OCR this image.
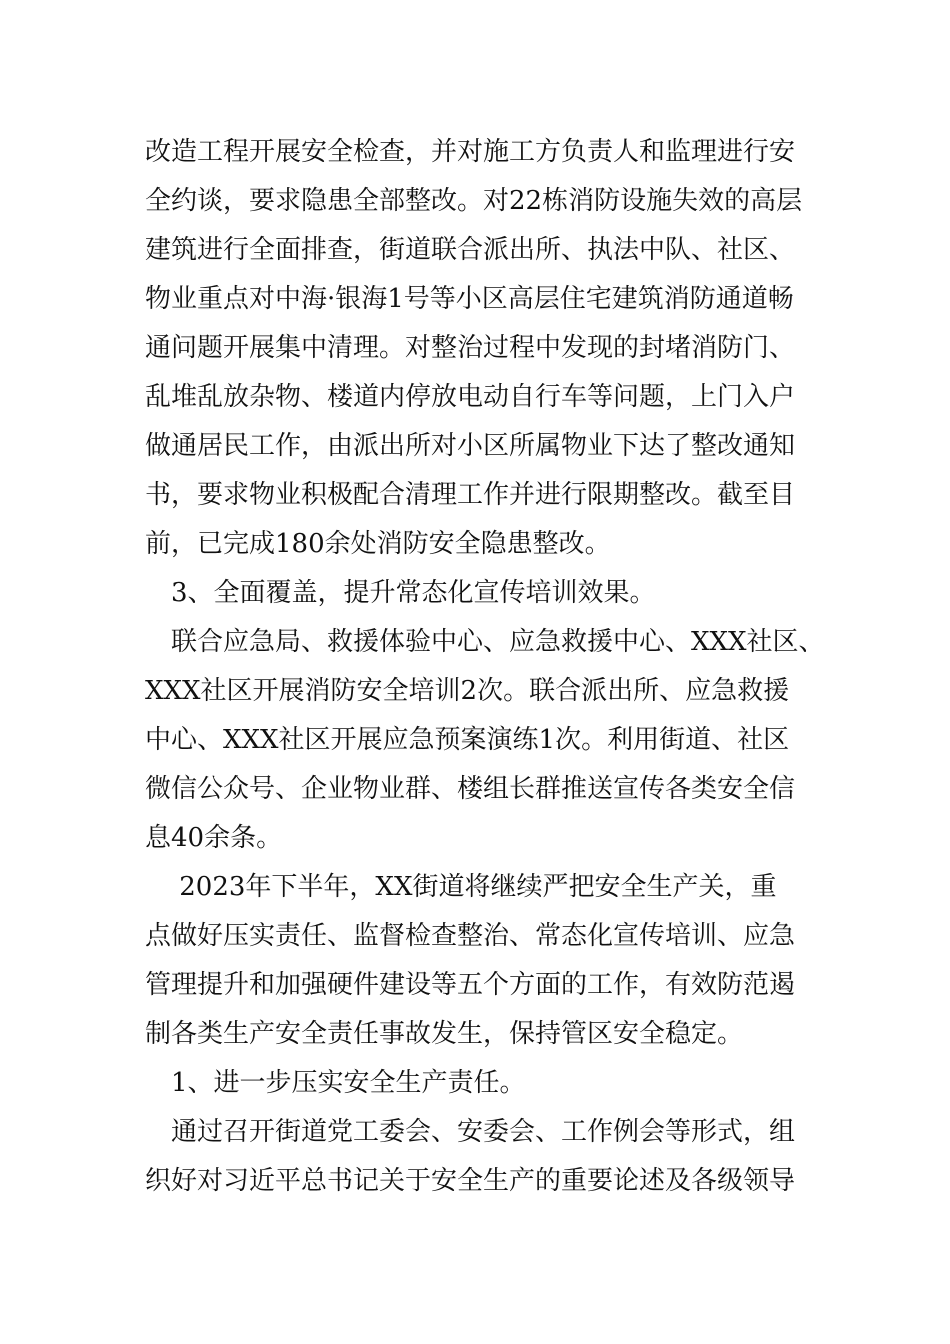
改造工程开展安全检查，并对施工方负责人和监理进行安
全约谈，要求隐患全部整改。对22栋消防设施失效的高层
建筑进行全面排查，街道联合派出所、执法中队、社区、
物业重点对中海·银海1号等小区高层住宅建筑消防通道畅
通问题开展集中清理。对整治过程中发现的封堵消防门、
乱堆乱放杂物、楼道内停放电动自行车等问题，上门入户
做通居民工作，由派出所对小区所属物业下达了整改通知
书，要求物业积极配合清理工作并进行限期整改。截至目
前，已完成180余处消防安全隐患整改。
　3、全面覆盖，提升常态化宣传培训效果。
　联合应急局、救援体验中心、应急救援中心、XXX社区、
XXX社区开展消防安全培训2次。联合派出所、应急救援
中心、XXX社区开展应急预案演练1次。利用街道、社区
微信公众号、企业物业群、楼组长群推送宣传各类安全信
息40余条。
　 2023年下半年，XX街道将继续严把安全生产关，重
点做好压实责任、监督检查整治、常态化宣传培训、应急
管理提升和加强硬件建设等五个方面的工作，有效防范遏
制各类生产安全责任事故发生，保持管区安全稳定。
　1、进一步压实安全生产责任。
　通过召开街道党工委会、安委会、工作例会等形式，组
织好对习近平总书记关于安全生产的重要论述及各级领导
